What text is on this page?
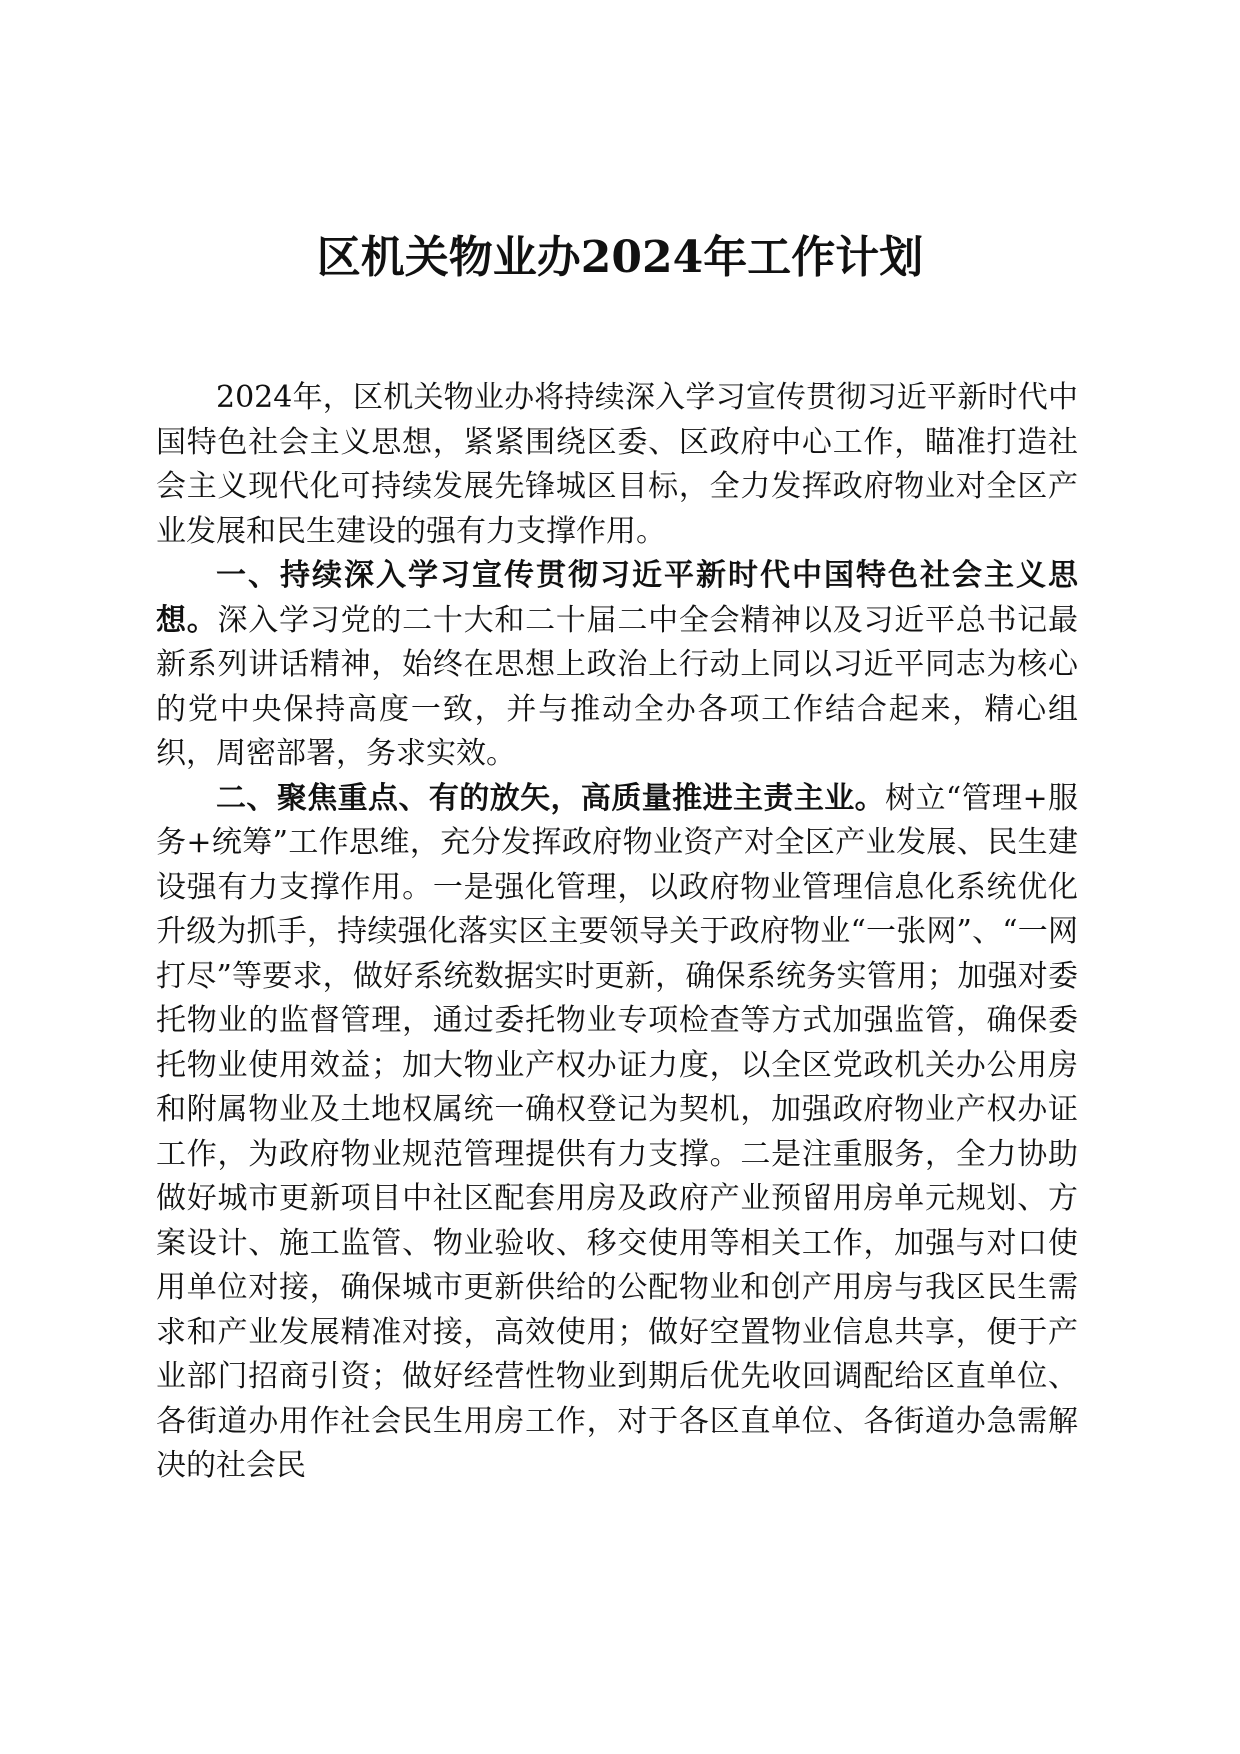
区机关物业办2024年工作计划

2024年，区机关物业办将持续深入学习宣传贯彻习近平新时代中国特色社会主义思想，紧紧围绕区委、区政府中心工作，瞄准打造社会主义现代化可持续发展先锋城区目标，全力发挥政府物业对全区产业发展和民生建设的强有力支撑作用。

一、持续深入学习宣传贯彻习近平新时代中国特色社会主义思想。深入学习党的二十大和二十届二中全会精神以及习近平总书记最新系列讲话精神，始终在思想上政治上行动上同以习近平同志为核心的党中央保持高度一致，并与推动全办各项工作结合起来，精心组织，周密部署，务求实效。

二、聚焦重点、有的放矢，高质量推进主责主业。树立“管理+服务+统筹”工作思维，充分发挥政府物业资产对全区产业发展、民生建设强有力支撑作用。一是强化管理，以政府物业管理信息化系统优化升级为抓手，持续强化落实区主要领导关于政府物业“一张网”、“一网打尽”等要求，做好系统数据实时更新，确保系统务实管用；加强对委托物业的监督管理，通过委托物业专项检查等方式加强监管，确保委托物业使用效益；加大物业产权办证力度，以全区党政机关办公用房和附属物业及土地权属统一确权登记为契机，加强政府物业产权办证工作，为政府物业规范管理提供有力支撑。二是注重服务，全力协助做好城市更新项目中社区配套用房及政府产业预留用房单元规划、方案设计、施工监管、物业验收、移交使用等相关工作，加强与对口使用单位对接，确保城市更新供给的公配物业和创产用房与我区民生需求和产业发展精准对接，高效使用；做好空置物业信息共享，便于产业部门招商引资；做好经营性物业到期后优先收回调配给区直单位、各街道办用作社会民生用房工作，对于各区直单位、各街道办急需解决的社会民
